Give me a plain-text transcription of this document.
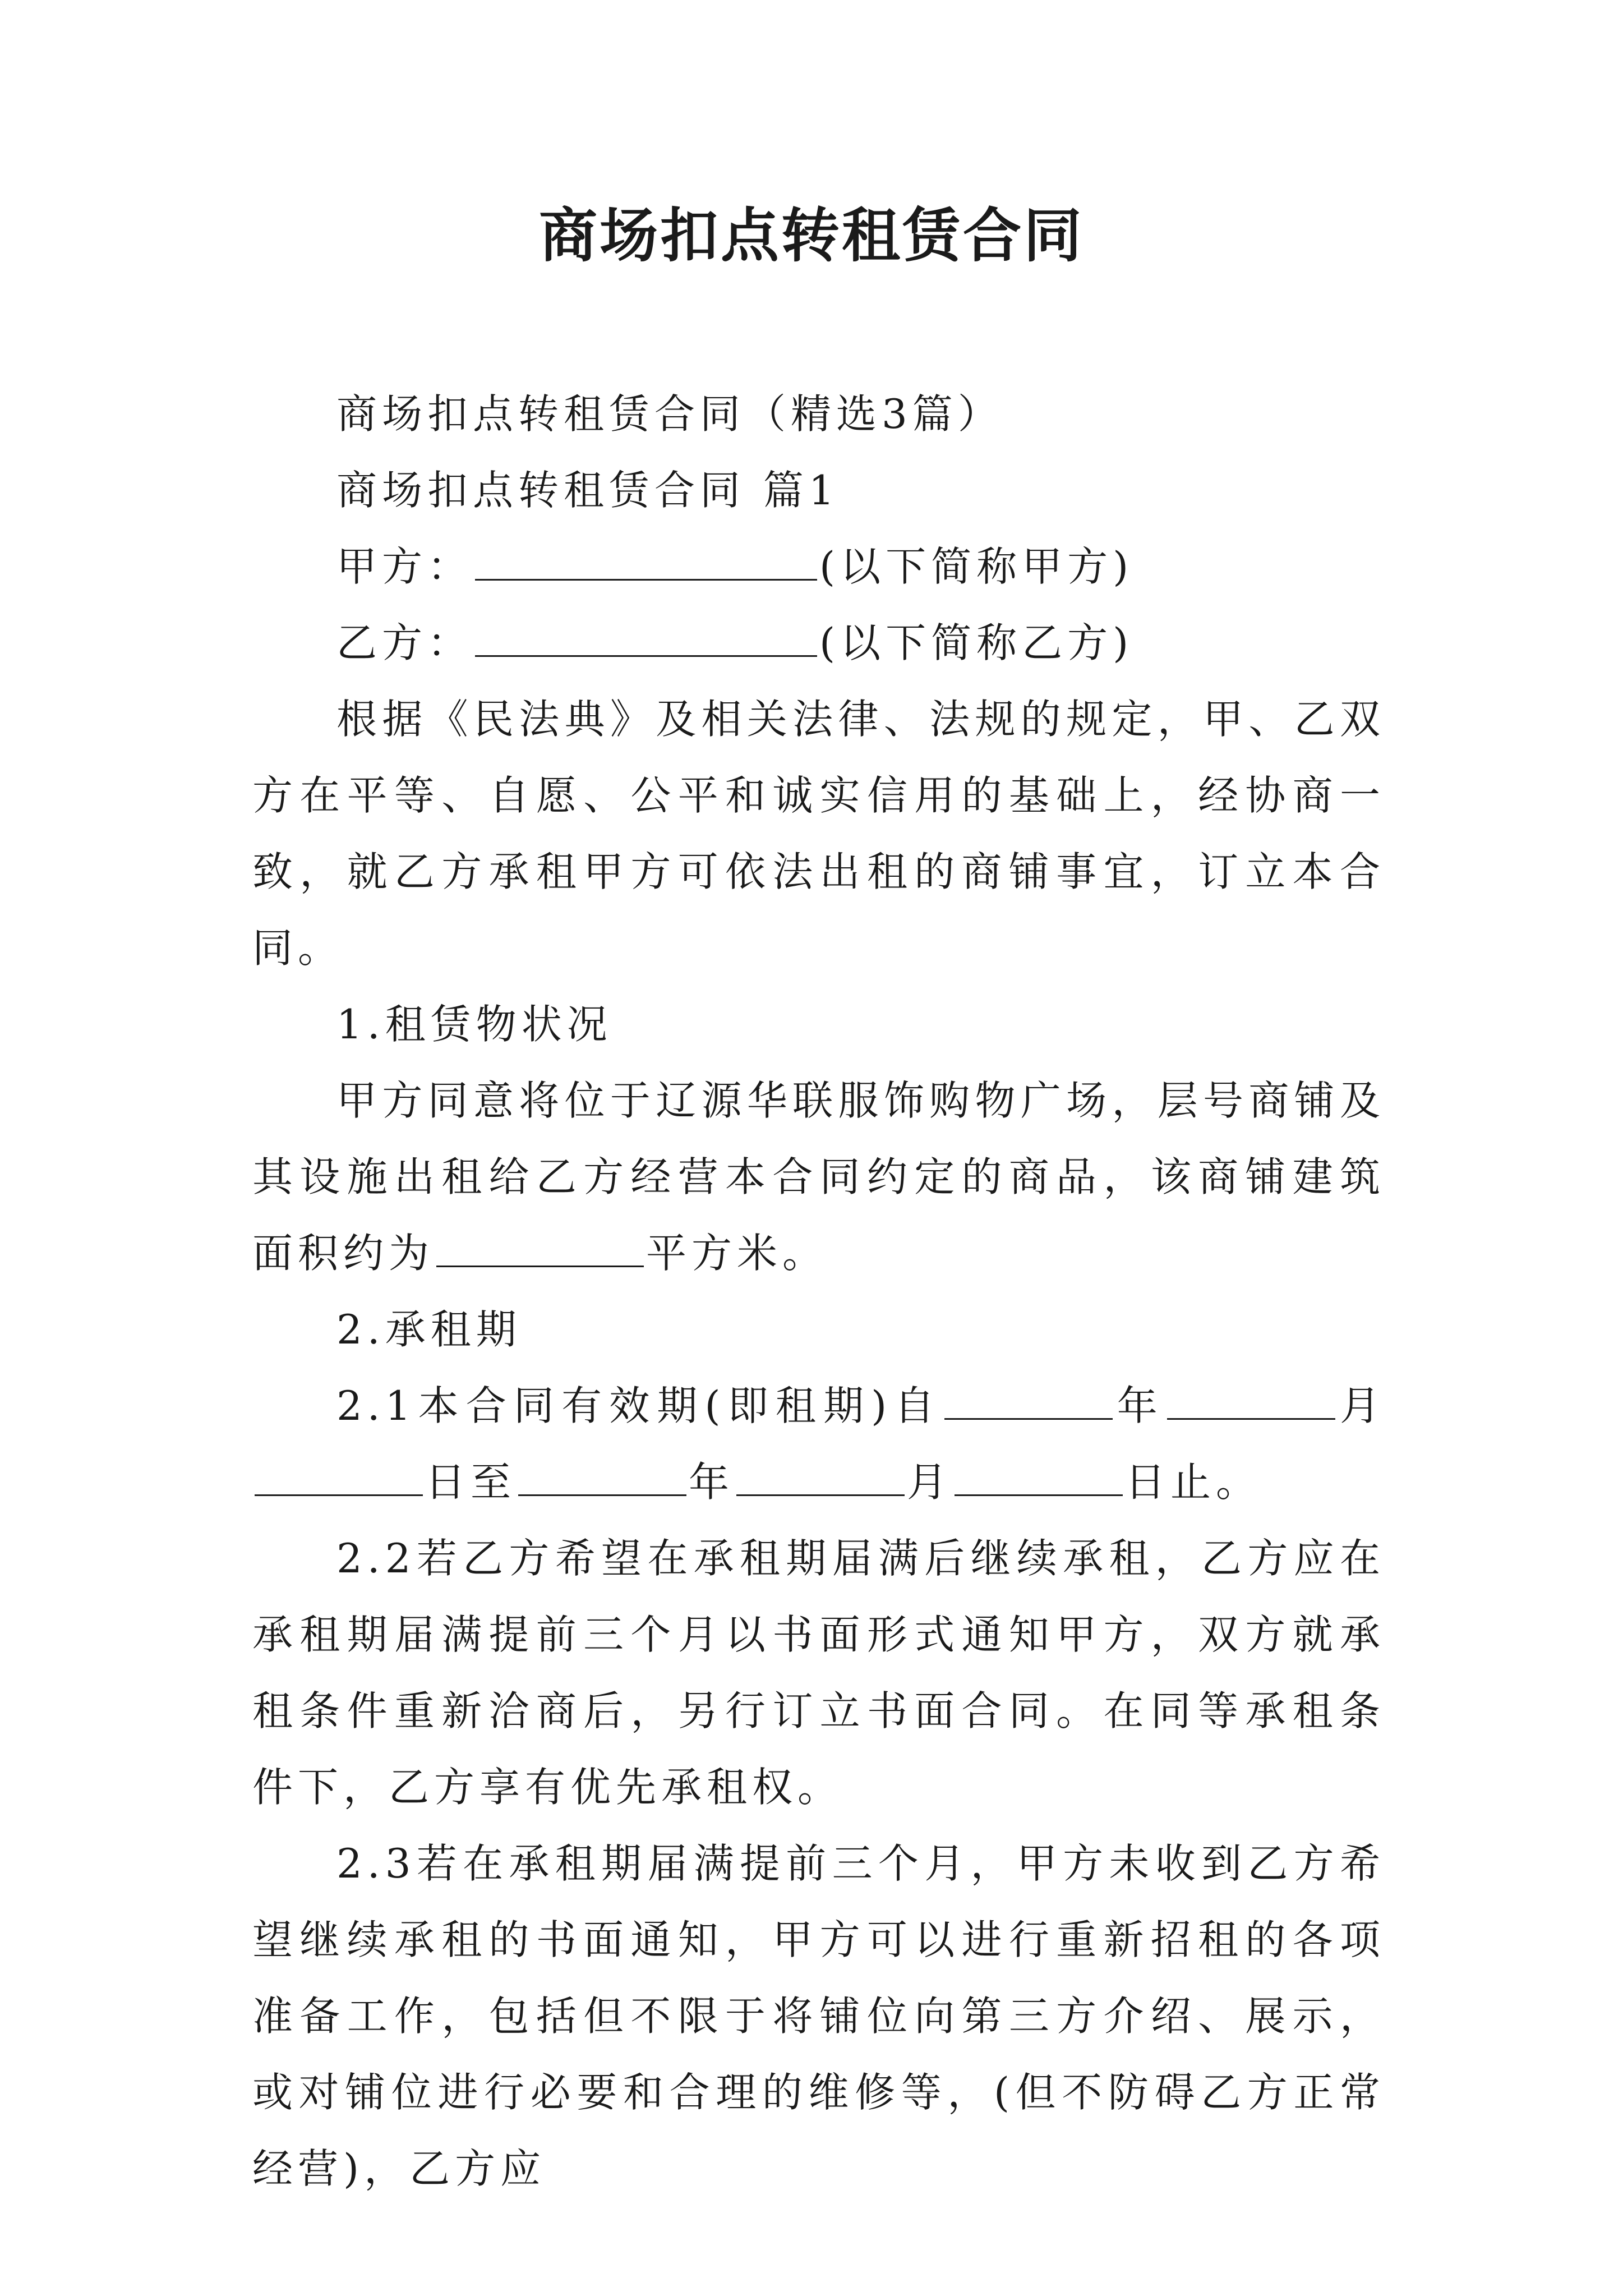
商场扣点转租赁合同

商场扣点转租赁合同（精选3篇）

商场扣点转租赁合同 篇1

甲方：	(以下简称甲方)

乙方：	(以下简称乙方)

根据《民法典》及相关法律、法规的规定，甲、乙双方在平等、自愿、公平和诚实信用的基础上，经协商一致，就乙方承租甲方可依法出租的商铺事宜，订立本合同。

1.租赁物状况

甲方同意将位于辽源华联服饰购物广场，层号商铺及其设施出租给乙方经营本合同约定的商品，该商铺建筑面积约为	平方米。

2.承租期

2.1本合同有效期(即租期)自	年	月日至	年	月	日止。

2.2若乙方希望在承租期届满后继续承租，乙方应在承租期届满提前三个月以书面形式通知甲方，双方就承租条件重新洽商后，另行订立书面合同。在同等承租条件下，乙方享有优先承租权。

2.3若在承租期届满提前三个月，甲方未收到乙方希望继续承租的书面通知，甲方可以进行重新招租的各项准备工作，包括但不限于将铺位向第三方介绍、展示，或对铺位进行必要和合理的维修等，(但不防碍乙方正常经营)，乙方应
